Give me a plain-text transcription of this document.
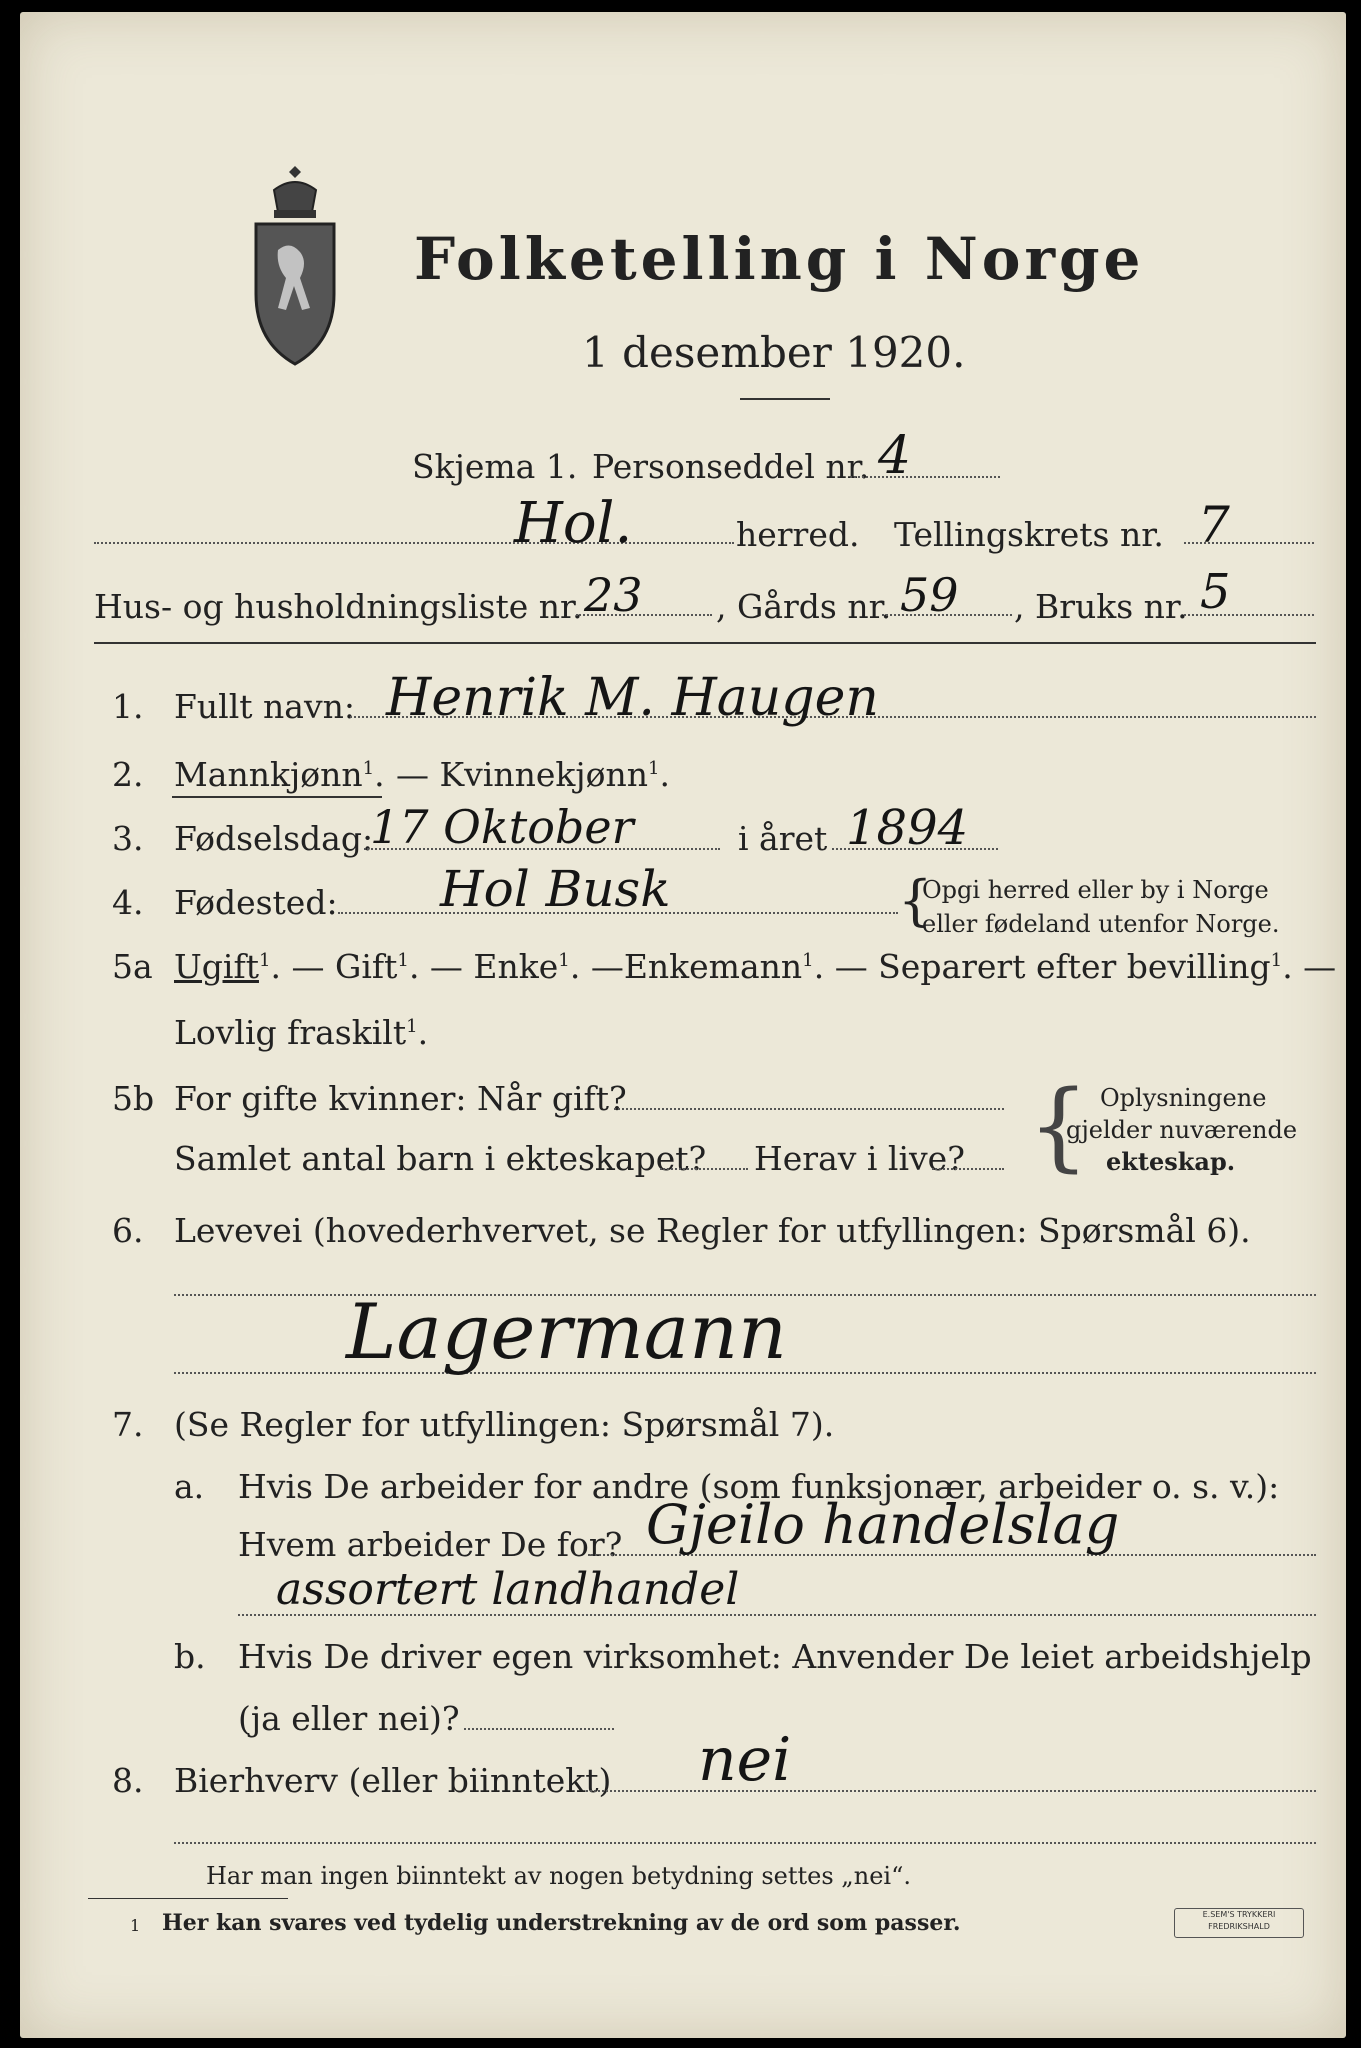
Folketelling i Norge
1 desember 1920.
Skjema 1. Personseddel nr. 4
Hol.	herred. Tellingskrets nr. 7
Hus- og husholdningsliste nr. 23 , Gårds nr. 59 , Bruks nr. 5
1. Fullt navn: Henrik M. Haugen
2. Mannkjønn$^1$. — Kvinnekjønn$^1$.
3. Fødselsdag:
17 Oktober	i året 1894
4. Fødested: Hol Busk	{
Opgi herred eller by i Norge
eller fødeland utenfor Norge.
5a Ugift$^1$. — Gift$^1$. — Enke$^1$. —Enkemann$^1$. — Separert efter bevilling$^1$. —
Lovlig fraskilt$^1$.
5b For gifte kvinner: Når gift?
Samlet antal barn i ekteskapet? Herav i live? { Oplysningene
gjelder nuværende
ekteskap.
6. Levevei (hovederhvervet, se Regler for utfyllingen: Spørsmål 6).
Lagermann
7. (Se Regler for utfyllingen: Spørsmål 7).
a. Hvis De arbeider for andre (som funksjonær, arbeider o. s. v.):
Hvem arbeider De for? Gjeilo handelslag
assortert landhandel
b. Hvis De driver egen virksomhet: Anvender De leiet arbeidshjelp
(ja eller nei)?
8. Bierhverv (eller biinntekt) nei
Har man ingen biinntekt av nogen betydning settes „nei“.
1 Her kan svares ved tydelig understrekning av de ord som passer.	E.SEM'S TRYKKERI
FREDRIKSHALD
